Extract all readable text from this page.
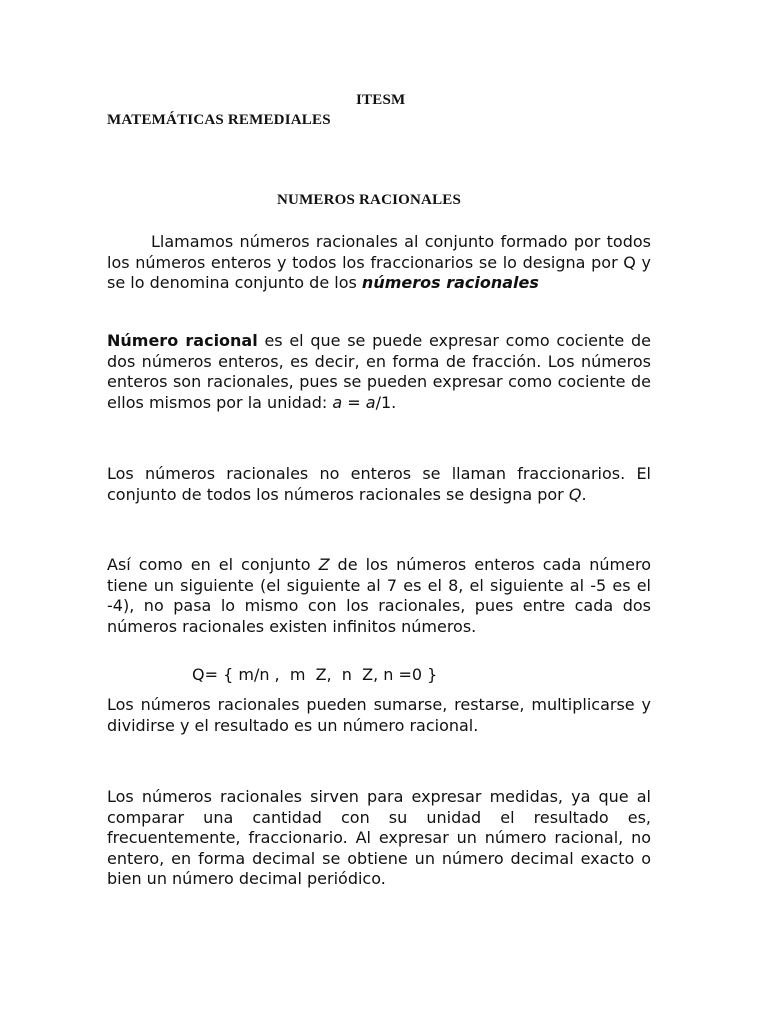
ITESM
MATEMÁTICAS REMEDIALES
NUMEROS RACIONALES
Llamamos números racionales al conjunto formado por todos los números enteros y todos los fraccionarios se lo designa por Q y se lo denomina conjunto de los números racionales
Número racional es el que se puede expresar como cociente de dos números enteros, es decir, en forma de fracción. Los números enteros son racionales, pues se pueden expresar como cociente de ellos mismos por la unidad: a = a/1.
Los números racionales no enteros se llaman fraccionarios. El conjunto de todos los números racionales se designa por Q.
Así como en el conjunto Z de los números enteros cada número tiene un siguiente (el siguiente al 7 es el 8, el siguiente al -5 es el -4), no pasa lo mismo con los racionales, pues entre cada dos números racionales existen infinitos números.
Q= { m/n ,  m  Z,  n  Z, n =0 }
Los números racionales pueden sumarse, restarse, multiplicarse y dividirse y el resultado es un número racional.
Los números racionales sirven para expresar medidas, ya que al comparar una cantidad con su unidad el resultado es, frecuentemente, fraccionario. Al expresar un número racional, no entero, en forma decimal se obtiene un número decimal exacto o bien un número decimal periódico.
